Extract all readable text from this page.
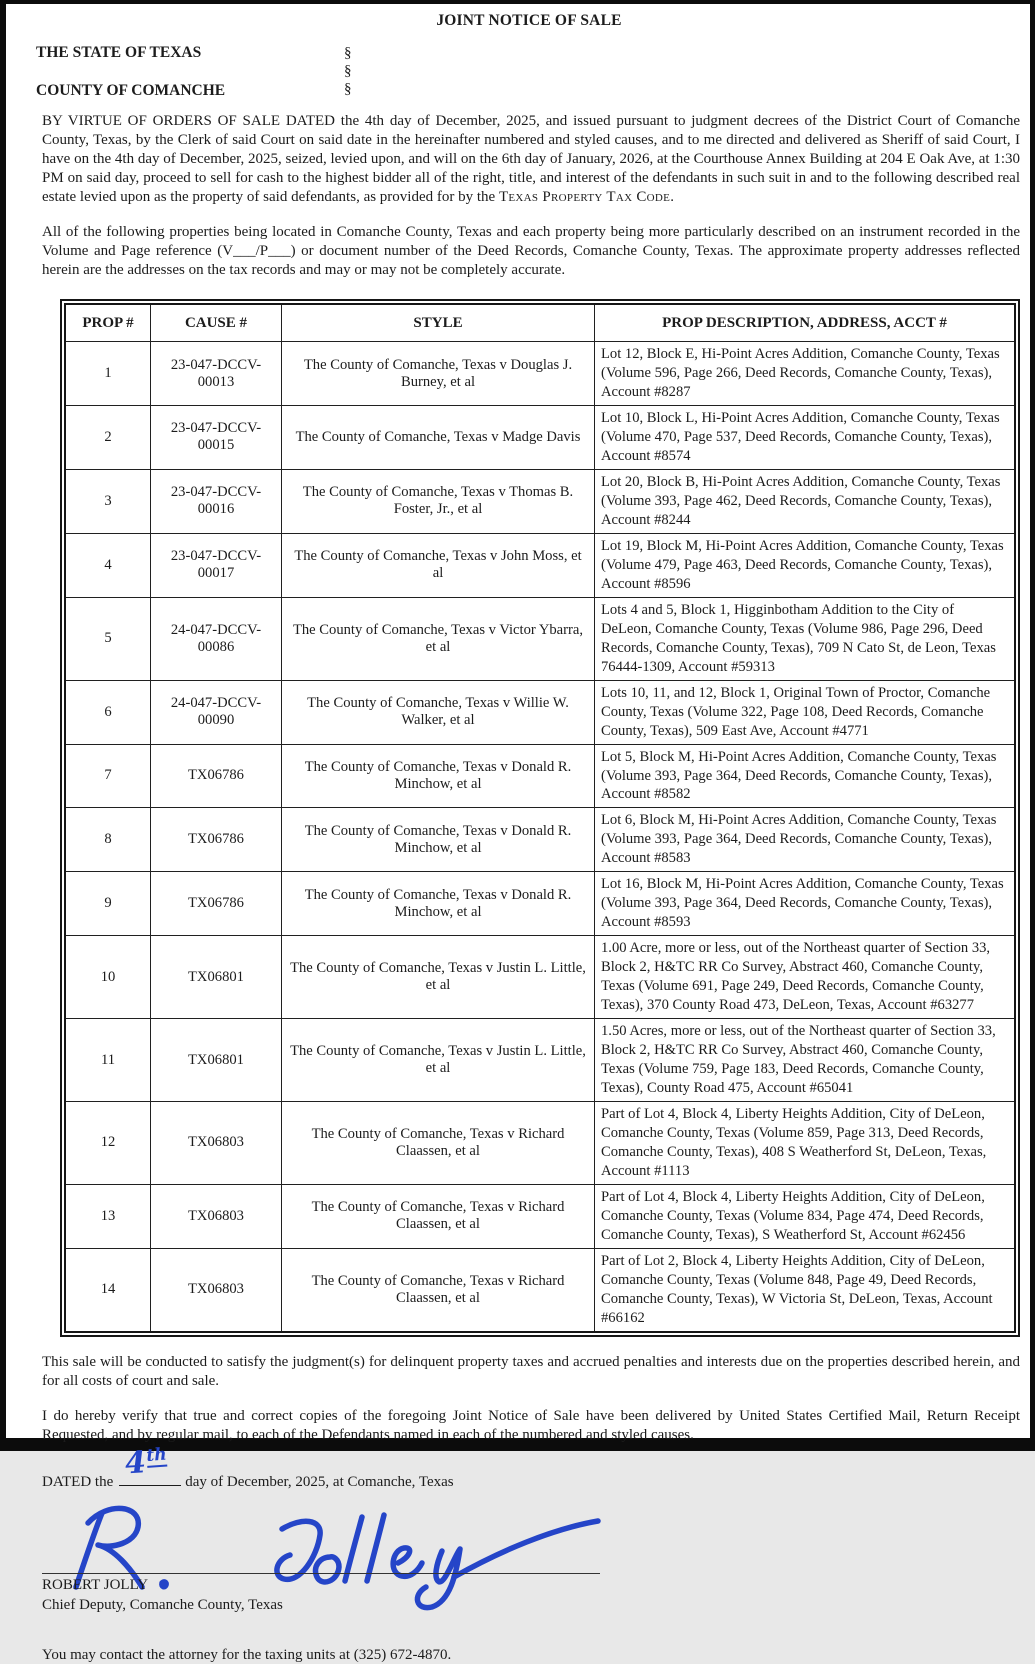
JOINT NOTICE OF SALE
THE STATE OF TEXAS
COUNTY OF COMANCHE
§
§
§

BY VIRTUE OF ORDERS OF SALE DATED the 4th day of December, 2025, and issued pursuant to judgment decrees of the District Court of Comanche County, Texas, by the Clerk of said Court on said date in the hereinafter numbered and styled causes, and to me directed and delivered as Sheriff of said Court, I have on the 4th day of December, 2025, seized, levied upon, and will on the 6th day of January, 2026, at the Courthouse Annex Building at 204 E Oak Ave, at 1:30 PM on said day, proceed to sell for cash to the highest bidder all of the right, title, and interest of the defendants in such suit in and to the following described real estate levied upon as the property of said defendants, as provided for by the Texas Property Tax Code.

All of the following properties being located in Comanche County, Texas and each property being more particularly described on an instrument recorded in the Volume and Page reference (V___/P___) or document number of the Deed Records, Comanche County, Texas. The approximate property addresses reflected herein are the addresses on the tax records and may or may not be completely accurate.

PROP #	CAUSE #	STYLE	PROP DESCRIPTION, ADDRESS, ACCT #
1	23-047-DCCV-00013	The County of Comanche, Texas v Douglas J. Burney, et al	Lot 12, Block E, Hi-Point Acres Addition, Comanche County, Texas (Volume 596, Page 266, Deed Records, Comanche County, Texas), Account #8287
2	23-047-DCCV-00015	The County of Comanche, Texas v Madge Davis	Lot 10, Block L, Hi-Point Acres Addition, Comanche County, Texas (Volume 470, Page 537, Deed Records, Comanche County, Texas), Account #8574
3	23-047-DCCV-00016	The County of Comanche, Texas v Thomas B. Foster, Jr., et al	Lot 20, Block B, Hi-Point Acres Addition, Comanche County, Texas (Volume 393, Page 462, Deed Records, Comanche County, Texas), Account #8244
4	23-047-DCCV-00017	The County of Comanche, Texas v John Moss, et al	Lot 19, Block M, Hi-Point Acres Addition, Comanche County, Texas (Volume 479, Page 463, Deed Records, Comanche County, Texas), Account #8596
5	24-047-DCCV-00086	The County of Comanche, Texas v Victor Ybarra, et al	Lots 4 and 5, Block 1, Higginbotham Addition to the City of DeLeon, Comanche County, Texas (Volume 986, Page 296, Deed Records, Comanche County, Texas), 709 N Cato St, de Leon, Texas 76444-1309, Account #59313
6	24-047-DCCV-00090	The County of Comanche, Texas v Willie W. Walker, et al	Lots 10, 11, and 12, Block 1, Original Town of Proctor, Comanche County, Texas (Volume 322, Page 108, Deed Records, Comanche County, Texas), 509 East Ave, Account #4771
7	TX06786	The County of Comanche, Texas v Donald R. Minchow, et al	Lot 5, Block M, Hi-Point Acres Addition, Comanche County, Texas (Volume 393, Page 364, Deed Records, Comanche County, Texas), Account #8582
8	TX06786	The County of Comanche, Texas v Donald R. Minchow, et al	Lot 6, Block M, Hi-Point Acres Addition, Comanche County, Texas (Volume 393, Page 364, Deed Records, Comanche County, Texas), Account #8583
9	TX06786	The County of Comanche, Texas v Donald R. Minchow, et al	Lot 16, Block M, Hi-Point Acres Addition, Comanche County, Texas (Volume 393, Page 364, Deed Records, Comanche County, Texas), Account #8593
10	TX06801	The County of Comanche, Texas v Justin L. Little, et al	1.00 Acre, more or less, out of the Northeast quarter of Section 33, Block 2, H&TC RR Co Survey, Abstract 460, Comanche County, Texas (Volume 691, Page 249, Deed Records, Comanche County, Texas), 370 County Road 473, DeLeon, Texas, Account #63277
11	TX06801	The County of Comanche, Texas v Justin L. Little, et al	1.50 Acres, more or less, out of the Northeast quarter of Section 33, Block 2, H&TC RR Co Survey, Abstract 460, Comanche County, Texas (Volume 759, Page 183, Deed Records, Comanche County, Texas), County Road 475, Account #65041
12	TX06803	The County of Comanche, Texas v Richard Claassen, et al	Part of Lot 4, Block 4, Liberty Heights Addition, City of DeLeon, Comanche County, Texas (Volume 859, Page 313, Deed Records, Comanche County, Texas), 408 S Weatherford St, DeLeon, Texas, Account #1113
13	TX06803	The County of Comanche, Texas v Richard Claassen, et al	Part of Lot 4, Block 4, Liberty Heights Addition, City of DeLeon, Comanche County, Texas (Volume 834, Page 474, Deed Records, Comanche County, Texas), S Weatherford St, Account #62456
14	TX06803	The County of Comanche, Texas v Richard Claassen, et al	Part of Lot 2, Block 4, Liberty Heights Addition, City of DeLeon, Comanche County, Texas (Volume 848, Page 49, Deed Records, Comanche County, Texas), W Victoria St, DeLeon, Texas, Account #66162

This sale will be conducted to satisfy the judgment(s) for delinquent property taxes and accrued penalties and interests due on the properties described herein, and for all costs of court and sale.

I do hereby verify that true and correct copies of the foregoing Joint Notice of Sale have been delivered by United States Certified Mail, Return Receipt Requested, and by regular mail, to each of the Defendants named in each of the numbered and styled causes.

DATED the
4th
day of December, 2025, at Comanche, Texas
ROBERT JOLLY
Chief Deputy, Comanche County, Texas
You may contact the attorney for the taxing units at (325) 672-4870.
